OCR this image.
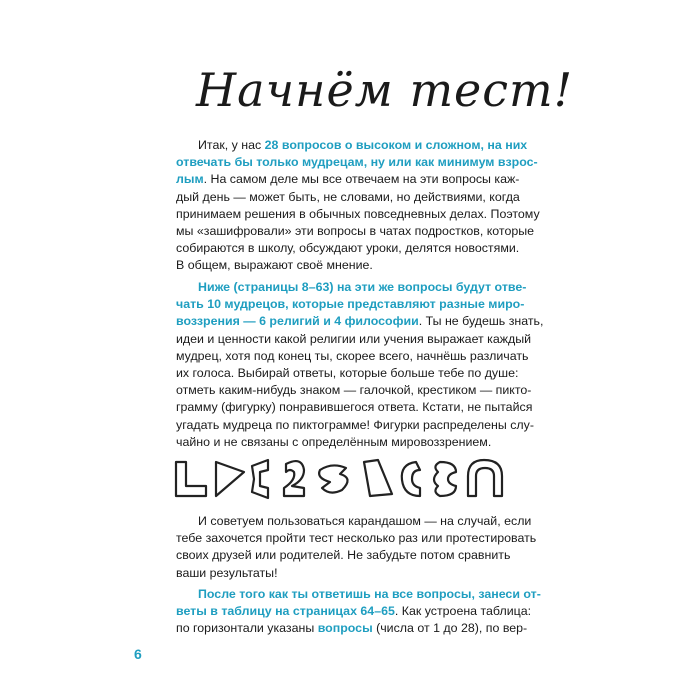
Начнём тест!
Итак, у нас 28 вопросов о высоком и сложном, на них
отвечать бы только мудрецам, ну или как минимум взрос-
лым. На самом деле мы все отвечаем на эти вопросы каж-
дый день — может быть, не словами, но действиями, когда
принимаем решения в обычных повседневных делах. Поэтому
мы «зашифровали» эти вопросы в чатах подростков, которые
собираются в школу, обсуждают уроки, делятся новостями.
В общем, выражают своё мнение.
Ниже (страницы 8–63) на эти же вопросы будут отве-
чать 10 мудрецов, которые представляют разные миро-
воззрения — 6 религий и 4 философии. Ты не будешь знать,
идеи и ценности какой религии или учения выражает каждый
мудрец, хотя под конец ты, скорее всего, начнёшь различать
их голоса. Выбирай ответы, которые больше тебе по душе:
отметь каким-нибудь знаком — галочкой, крестиком — пикто-
грамму (фигурку) понравившегося ответа. Кстати, не пытайся
угадать мудреца по пиктограмме! Фигурки распределены слу-
чайно и не связаны с определённым мировоззрением.
И советуем пользоваться карандашом — на случай, если
тебе захочется пройти тест несколько раз или протестировать
своих друзей или родителей. Не забудьте потом сравнить
ваши результаты!
После того как ты ответишь на все вопросы, занеси от-
веты в таблицу на страницах 64–65. Как устроена таблица:
по горизонтали указаны вопросы (числа от 1 до 28), по вер-
6
